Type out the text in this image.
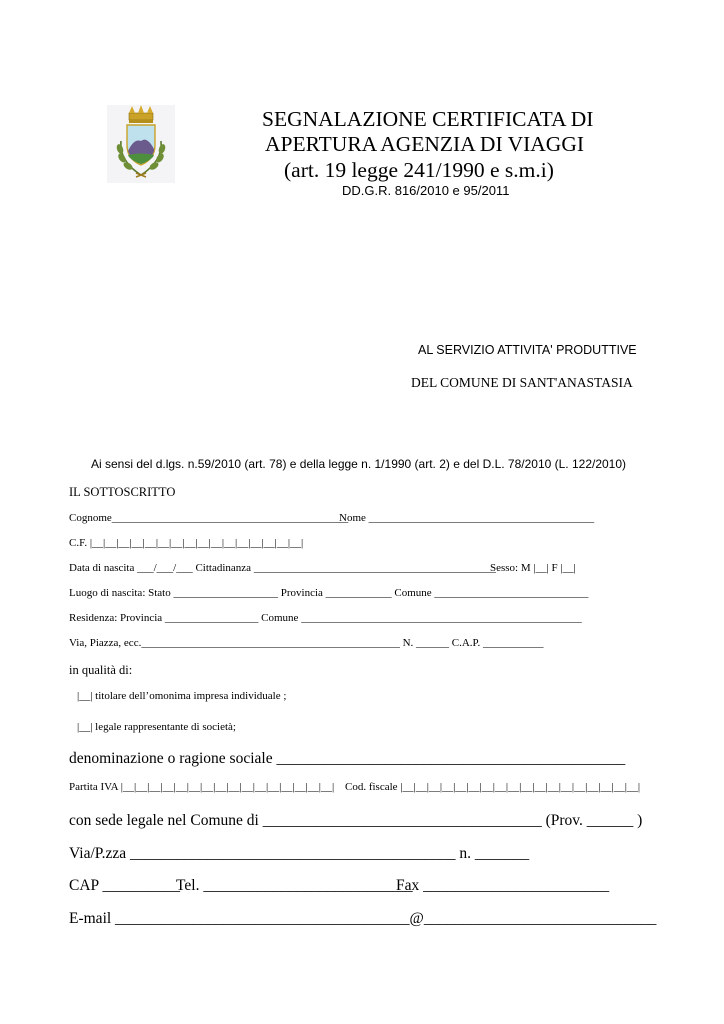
SEGNALAZIONE CERTIFICATA DI
APERTURA AGENZIA DI VIAGGI
(art. 19 legge 241/1990 e s.m.i)
DD.G.R. 816/2010 e 95/2011
AL SERVIZIO ATTIVITA' PRODUTTIVE
DEL COMUNE DI SANT'ANASTASIA
Ai sensi del d.lgs. n.59/2010 (art. 78) e della legge n. 1/1990 (art. 2) e del D.L. 78/2010 (L. 122/2010)
IL SOTTOSCRITTO
Cognome___________________________________________
Nome _________________________________________
C.F. |__|__|__|__|__|__|__|__|__|__|__|__|__|__|__|__|
Data di nascita ___/___/___ Cittadinanza ____________________________________________
Sesso: M |__| F |__|
Luogo di nascita: Stato ___________________ Provincia ____________ Comune ____________________________
Residenza: Provincia _________________ Comune ___________________________________________________
Via, Piazza, ecc._______________________________________________ N. ______ C.A.P. ___________
in qualità di:
|__| titolare dell’omonima impresa individuale ;
|__| legale rappresentante di società;
denominazione o ragione sociale _____________________________________________
Partita IVA |__|__|__|__|__|__|__|__|__|__|__|__|__|__|__|__| Cod. fiscale |__|__|__|__|__|__|__|__|__|__|__|__|__|__|__|__|__|__|
con sede legale nel Comune di ____________________________________ (Prov. ______ )
Via/P.zza __________________________________________ n. _______
CAP __________
Tel. ___________________________
Fax ________________________
E-mail ______________________________________@______________________________
